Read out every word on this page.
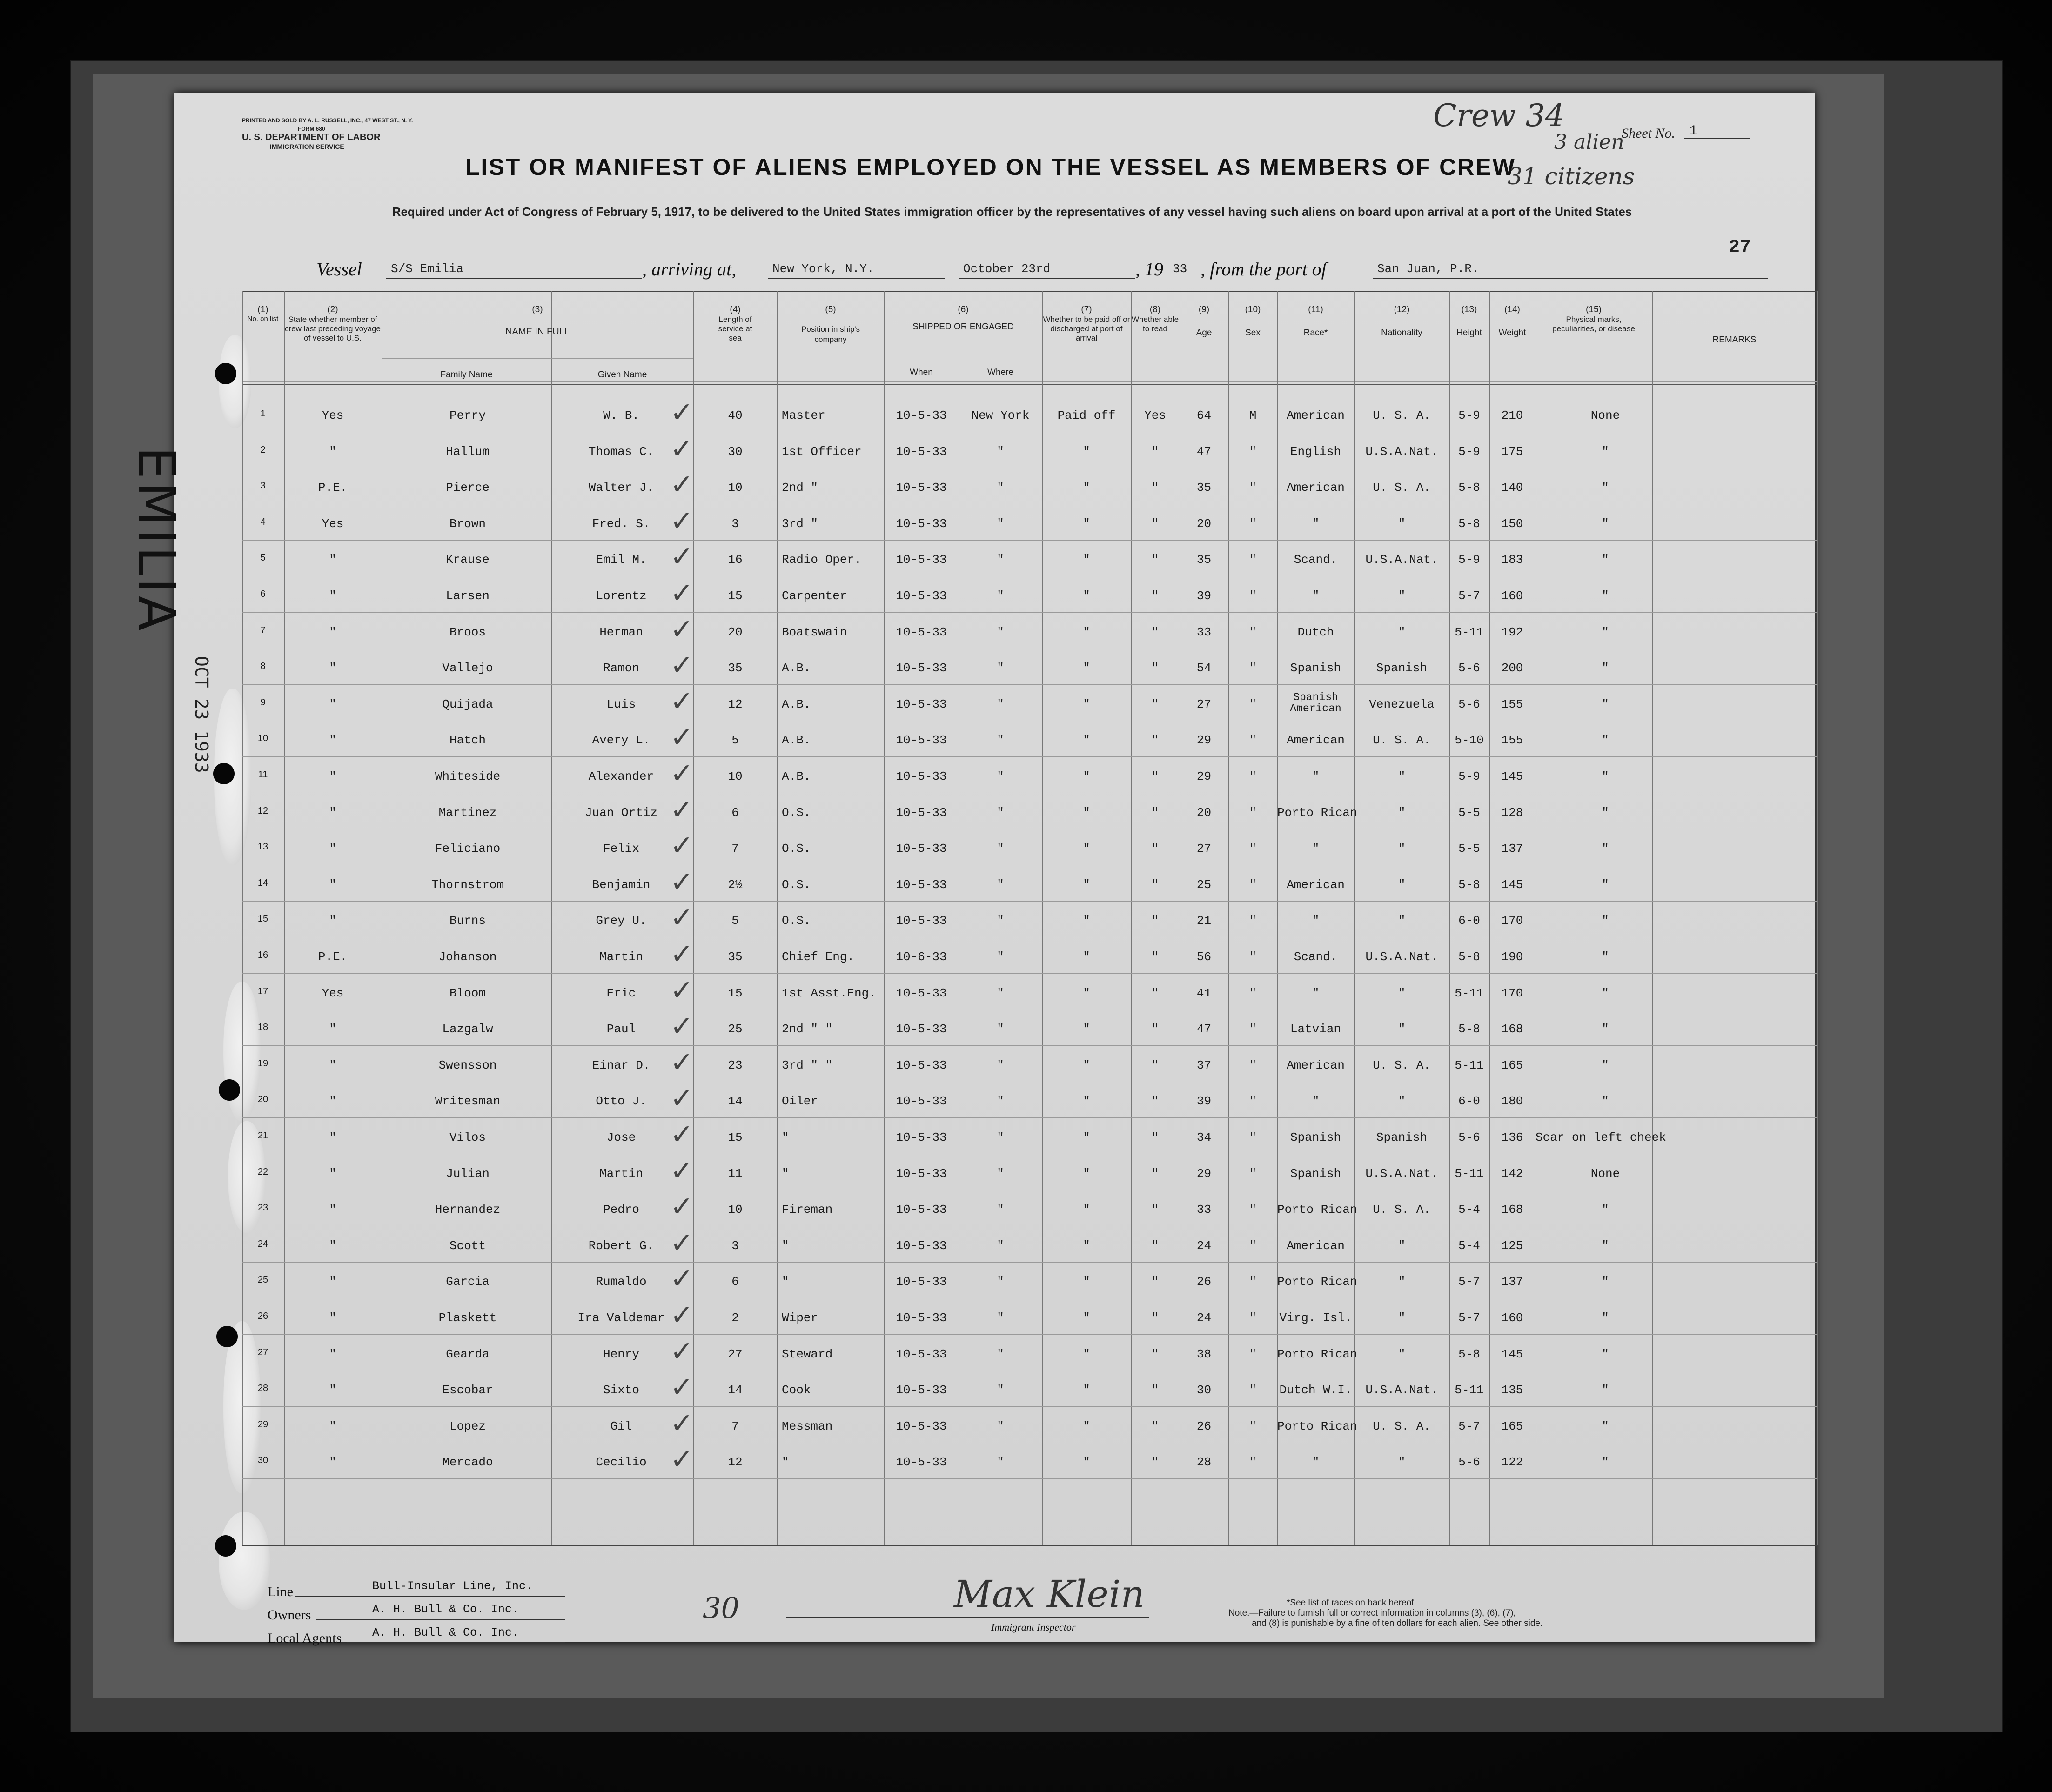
EMILIA
OCT 23 1933
PRINTED AND SOLD BY A. L. RUSSELL, INC., 47 WEST ST., N. Y.
FORM 680
U. S. DEPARTMENT OF LABOR
IMMIGRATION SERVICE
LIST OR MANIFEST OF ALIENS EMPLOYED ON THE VESSEL AS MEMBERS OF CREW
Required under Act of Congress of February 5, 1917, to be delivered to the United States immigration officer by the representatives of any vessel having such aliens on board upon arrival at a port of the United States
Crew 34
3 alien
31 citizens
Sheet No. 1
27
Vessel S/S Emilia	, arriving at,	New York, N.Y.	October 23rd	, 19 33 , from the port of	San Juan, P.R.
(1)
No. on list
(2)
State whether member of crew last preceding voyage of vessel to U.S.
(3)
NAME IN FULL
Family Name	Given Name
(4)
Length of service at sea
(5)
Position in ship's company
(6)
SHIPPED OR ENGAGED
When	Where
(7)
Whether to be paid off or discharged at port of arrival
(8)
Whether able to read
(9)
Age
(10)
Sex
(11)
Race*
(12)
Nationality
(13)
Height
(14)
Weight
(15)
Physical marks, peculiarities, or disease
REMARKS
1	Yes	Perry	W. B.	40	Master	10-5-33	New York	Paid off	Yes	64	M	American	U. S. A.	5-9	210	None
✓
2	"	Hallum	Thomas C.	30	1st Officer	10-5-33	"	"	"	47	"	English	U.S.A.Nat.	5-9	175	"
✓
3	P.E.	Pierce	Walter J.	10	2nd "	10-5-33	"	"	"	35	"	American	U. S. A.	5-8	140	"
✓
4	Yes	Brown	Fred. S.	3	3rd "	10-5-33	"	"	"	20	"	"	"	5-8	150	"
✓
5	"	Krause	Emil M.	16	Radio Oper.	10-5-33	"	"	"	35	"	Scand.	U.S.A.Nat.	5-9	183	"
✓
6	"	Larsen	Lorentz	15	Carpenter	10-5-33	"	"	"	39	"	"	"	5-7	160	"
✓
7	"	Broos	Herman	20	Boatswain	10-5-33	"	"	"	33	"	Dutch	"	5-11	192	"
✓
8	"	Vallejo	Ramon	35	A.B.	10-5-33	"	"	"	54	"	Spanish	Spanish	5-6	200	"
✓
9	"	Quijada	Luis	12	A.B.	10-5-33	"	"	"	27	"	Spanish American	Venezuela	5-6	155	"
✓
10	"	Hatch	Avery L.	5	A.B.	10-5-33	"	"	"	29	"	American	U. S. A.	5-10	155	"
✓
11	"	Whiteside	Alexander	10	A.B.	10-5-33	"	"	"	29	"	"	"	5-9	145	"
✓
12	"	Martinez	Juan Ortiz	6	O.S.	10-5-33	"	"	"	20	"	Porto Rican	"	5-5	128	"
✓
13	"	Feliciano	Felix	7	O.S.	10-5-33	"	"	"	27	"	"	"	5-5	137	"
✓
14	"	Thornstrom	Benjamin	2½	O.S.	10-5-33	"	"	"	25	"	American	"	5-8	145	"
✓
15	"	Burns	Grey U.	5	O.S.	10-5-33	"	"	"	21	"	"	"	6-0	170	"
✓
16	P.E.	Johanson	Martin	35	Chief Eng.	10-6-33	"	"	"	56	"	Scand.	U.S.A.Nat.	5-8	190	"
✓
17	Yes	Bloom	Eric	15	1st Asst.Eng.	10-5-33	"	"	"	41	"	"	"	5-11	170	"
✓
18	"	Lazgalw	Paul	25	2nd " "	10-5-33	"	"	"	47	"	Latvian	"	5-8	168	"
✓
19	"	Swensson	Einar D.	23	3rd " "	10-5-33	"	"	"	37	"	American	U. S. A.	5-11	165	"
✓
20	"	Writesman	Otto J.	14	Oiler	10-5-33	"	"	"	39	"	"	"	6-0	180	"
✓
21	"	Vilos	Jose	15	"	10-5-33	"	"	"	34	"	Spanish	Spanish	5-6	136	Scar on left cheek
✓
22	"	Julian	Martin	11	"	10-5-33	"	"	"	29	"	Spanish	U.S.A.Nat.	5-11	142	None
✓
23	"	Hernandez	Pedro	10	Fireman	10-5-33	"	"	"	33	"	Porto Rican	U. S. A.	5-4	168	"
✓
24	"	Scott	Robert G.	3	"	10-5-33	"	"	"	24	"	American	"	5-4	125	"
✓
25	"	Garcia	Rumaldo	6	"	10-5-33	"	"	"	26	"	Porto Rican	"	5-7	137	"
✓
26	"	Plaskett	Ira Valdemar	2	Wiper	10-5-33	"	"	"	24	"	Virg. Isl.	"	5-7	160	"
✓
27	"	Gearda	Henry	27	Steward	10-5-33	"	"	"	38	"	Porto Rican	"	5-8	145	"
✓
28	"	Escobar	Sixto	14	Cook	10-5-33	"	"	"	30	"	Dutch W.I.	U.S.A.Nat.	5-11	135	"
✓
29	"	Lopez	Gil	7	Messman	10-5-33	"	"	"	26	"	Porto Rican	U. S. A.	5-7	165	"
✓
30	"	Mercado	Cecilio	12	"	10-5-33	"	"	"	28	"	"	"	5-6	122	"
✓
Line	Bull-Insular Line, Inc.
Owners	A. H. Bull & Co. Inc.
Local Agents	A. H. Bull & Co. Inc.
30	Max Klein
Immigrant Inspector
*See list of races on back hereof.
Note.—Failure to furnish full or correct information in columns (3), (6), (7),
and (8) is punishable by a fine of ten dollars for each alien. See other side.
